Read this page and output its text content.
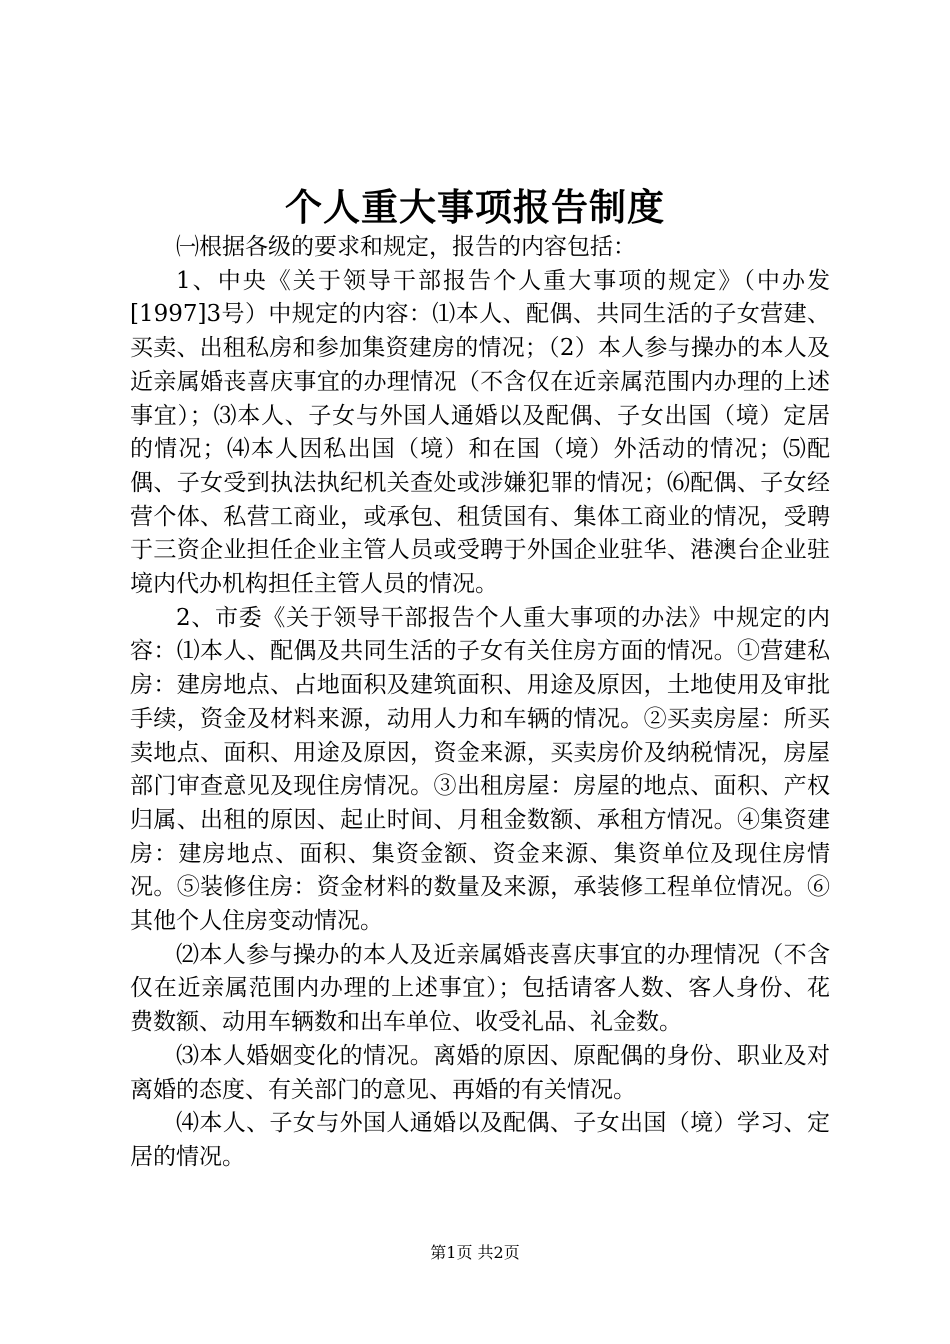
个人重大事项报告制度

㈠根据各级的要求和规定，报告的内容包括：

1、中央《关于领导干部报告个人重大事项的规定》（中办发[1997]3号）中规定的内容：⑴本人、配偶、共同生活的子女营建、买卖、出租私房和参加集资建房的情况；（2）本人参与操办的本人及近亲属婚丧喜庆事宜的办理情况（不含仅在近亲属范围内办理的上述事宜）；⑶本人、子女与外国人通婚以及配偶、子女出国（境）定居的情况；⑷本人因私出国（境）和在国（境）外活动的情况；⑸配偶、子女受到执法执纪机关查处或涉嫌犯罪的情况；⑹配偶、子女经营个体、私营工商业，或承包、租赁国有、集体工商业的情况，受聘于三资企业担任企业主管人员或受聘于外国企业驻华、港澳台企业驻境内代办机构担任主管人员的情况。

2、市委《关于领导干部报告个人重大事项的办法》中规定的内容：⑴本人、配偶及共同生活的子女有关住房方面的情况。①营建私房：建房地点、占地面积及建筑面积、用途及原因，土地使用及审批手续，资金及材料来源，动用人力和车辆的情况。②买卖房屋：所买卖地点、面积、用途及原因，资金来源，买卖房价及纳税情况，房屋部门审查意见及现住房情况。③出租房屋：房屋的地点、面积、产权归属、出租的原因、起止时间、月租金数额、承租方情况。④集资建房：建房地点、面积、集资金额、资金来源、集资单位及现住房情况。⑤装修住房：资金材料的数量及来源，承装修工程单位情况。⑥其他个人住房变动情况。

⑵本人参与操办的本人及近亲属婚丧喜庆事宜的办理情况（不含仅在近亲属范围内办理的上述事宜）；包括请客人数、客人身份、花费数额、动用车辆数和出车单位、收受礼品、礼金数。

⑶本人婚姻变化的情况。离婚的原因、原配偶的身份、职业及对离婚的态度、有关部门的意见、再婚的有关情况。

⑷本人、子女与外国人通婚以及配偶、子女出国（境）学习、定居的情况。

第1页 共2页
